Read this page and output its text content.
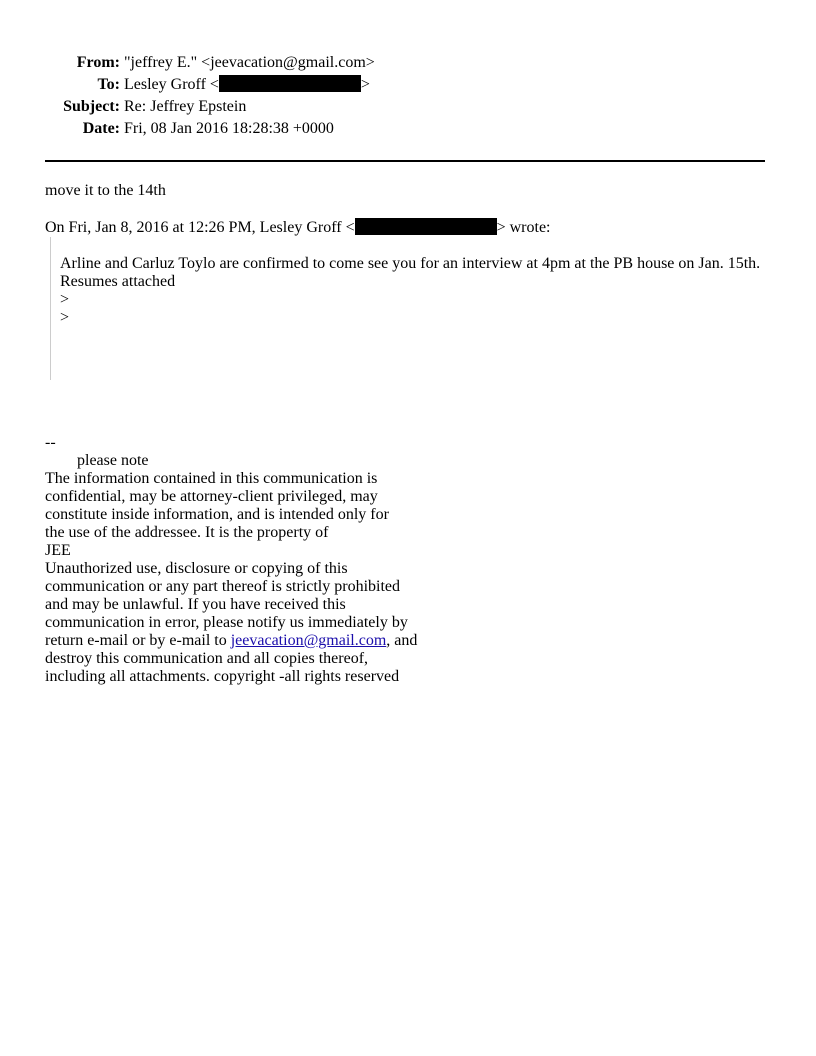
From:	"jeffrey E." <jeevacation@gmail.com>
To:	Lesley Groff < >
Subject:	Re: Jeffrey Epstein
Date:	Fri, 08 Jan 2016 18:28:38 +0000

move it to the 14th

On Fri, Jan 8, 2016 at 12:26 PM, Lesley Groff <	> wrote:

Arline and Carluz Toylo are confirmed to come see you for an interview at 4pm at the PB house on Jan. 15th.

Resumes attached

>

>

--

please note

The information contained in this communication is

confidential, may be attorney-client privileged, may

constitute inside information, and is intended only for

the use of the addressee. It is the property of

JEE

Unauthorized use, disclosure or copying of this

communication or any part thereof is strictly prohibited

and may be unlawful. If you have received this

communication in error, please notify us immediately by

return e-mail or by e-mail to jeevacation@gmail.com, and

destroy this communication and all copies thereof,

including all attachments. copyright -all rights reserved
